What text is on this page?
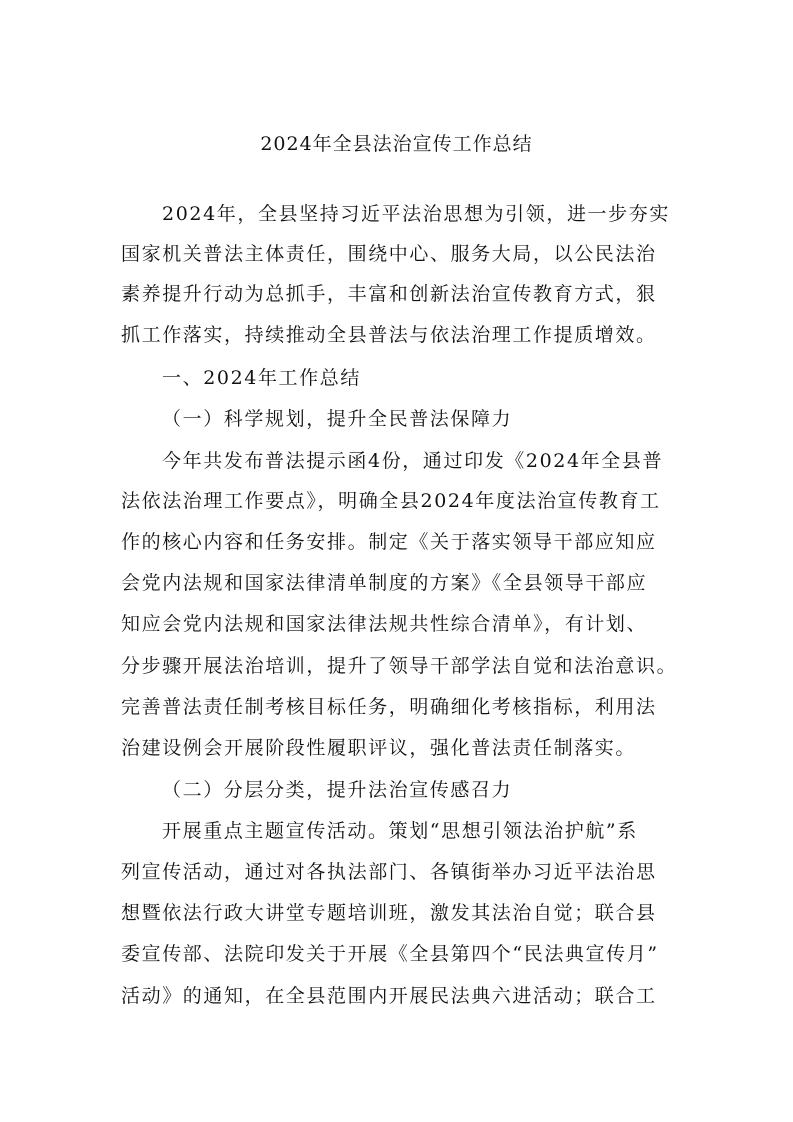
2024年全县法治宣传工作总结
2024年，全县坚持习近平法治思想为引领，进一步夯实
国家机关普法主体责任，围绕中心、服务大局，以公民法治
素养提升行动为总抓手，丰富和创新法治宣传教育方式，狠
抓工作落实，持续推动全县普法与依法治理工作提质增效。
一、2024年工作总结
（一）科学规划，提升全民普法保障力
今年共发布普法提示函4份，通过印发《2024年全县普
法依法治理工作要点》，明确全县2024年度法治宣传教育工
作的核心内容和任务安排。制定《关于落实领导干部应知应
会党内法规和国家法律清单制度的方案》《全县领导干部应
知应会党内法规和国家法律法规共性综合清单》，有计划、
分步骤开展法治培训，提升了领导干部学法自觉和法治意识。
完善普法责任制考核目标任务，明确细化考核指标，利用法
治建设例会开展阶段性履职评议，强化普法责任制落实。
（二）分层分类，提升法治宣传感召力
开展重点主题宣传活动。策划“思想引领法治护航”系
列宣传活动，通过对各执法部门、各镇街举办习近平法治思
想暨依法行政大讲堂专题培训班，激发其法治自觉；联合县
委宣传部、法院印发关于开展《全县第四个“民法典宣传月”
活动》的通知，在全县范围内开展民法典六进活动；联合工
